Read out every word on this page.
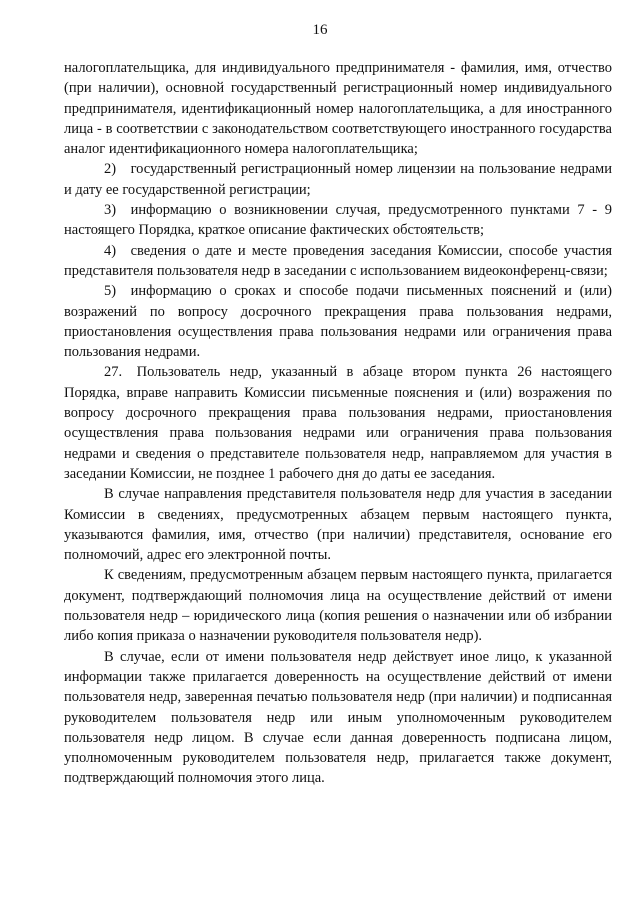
16

налогоплательщика, для индивидуального предпринимателя - фамилия, имя, отчество (при наличии), основной государственный регистрационный номер индивидуального предпринимателя, идентификационный номер налогоплательщика, а для иностранного лица - в соответствии с законодательством соответствующего иностранного государства аналог идентификационного номера налогоплательщика;

2) государственный регистрационный номер лицензии на пользование недрами и дату ее государственной регистрации;

3) информацию о возникновении случая, предусмотренного пунктами 7 - 9 настоящего Порядка, краткое описание фактических обстоятельств;

4) сведения о дате и месте проведения заседания Комиссии, способе участия представителя пользователя недр в заседании с использованием видеоконференц-связи;

5) информацию о сроках и способе подачи письменных пояснений и (или) возражений по вопросу досрочного прекращения права пользования недрами, приостановления осуществления права пользования недрами или ограничения права пользования недрами.

27. Пользователь недр, указанный в абзаце втором пункта 26 настоящего Порядка, вправе направить Комиссии письменные пояснения и (или) возражения по вопросу досрочного прекращения права пользования недрами, приостановления осуществления права пользования недрами или ограничения права пользования недрами и сведения о представителе пользователя недр, направляемом для участия в заседании Комиссии, не позднее 1 рабочего дня до даты ее заседания.

В случае направления представителя пользователя недр для участия в заседании Комиссии в сведениях, предусмотренных абзацем первым настоящего пункта, указываются фамилия, имя, отчество (при наличии) представителя, основание его полномочий, адрес его электронной почты.

К сведениям, предусмотренным абзацем первым настоящего пункта, прилагается документ, подтверждающий полномочия лица на осуществление действий от имени пользователя недр – юридического лица (копия решения о назначении или об избрании либо копия приказа о назначении руководителя пользователя недр).

В случае, если от имени пользователя недр действует иное лицо, к указанной информации также прилагается доверенность на осуществление действий от имени пользователя недр, заверенная печатью пользователя недр (при наличии) и подписанная руководителем пользователя недр или иным уполномоченным руководителем пользователя недр лицом. В случае если данная доверенность подписана лицом, уполномоченным руководителем пользователя недр, прилагается также документ, подтверждающий полномочия этого лица.
